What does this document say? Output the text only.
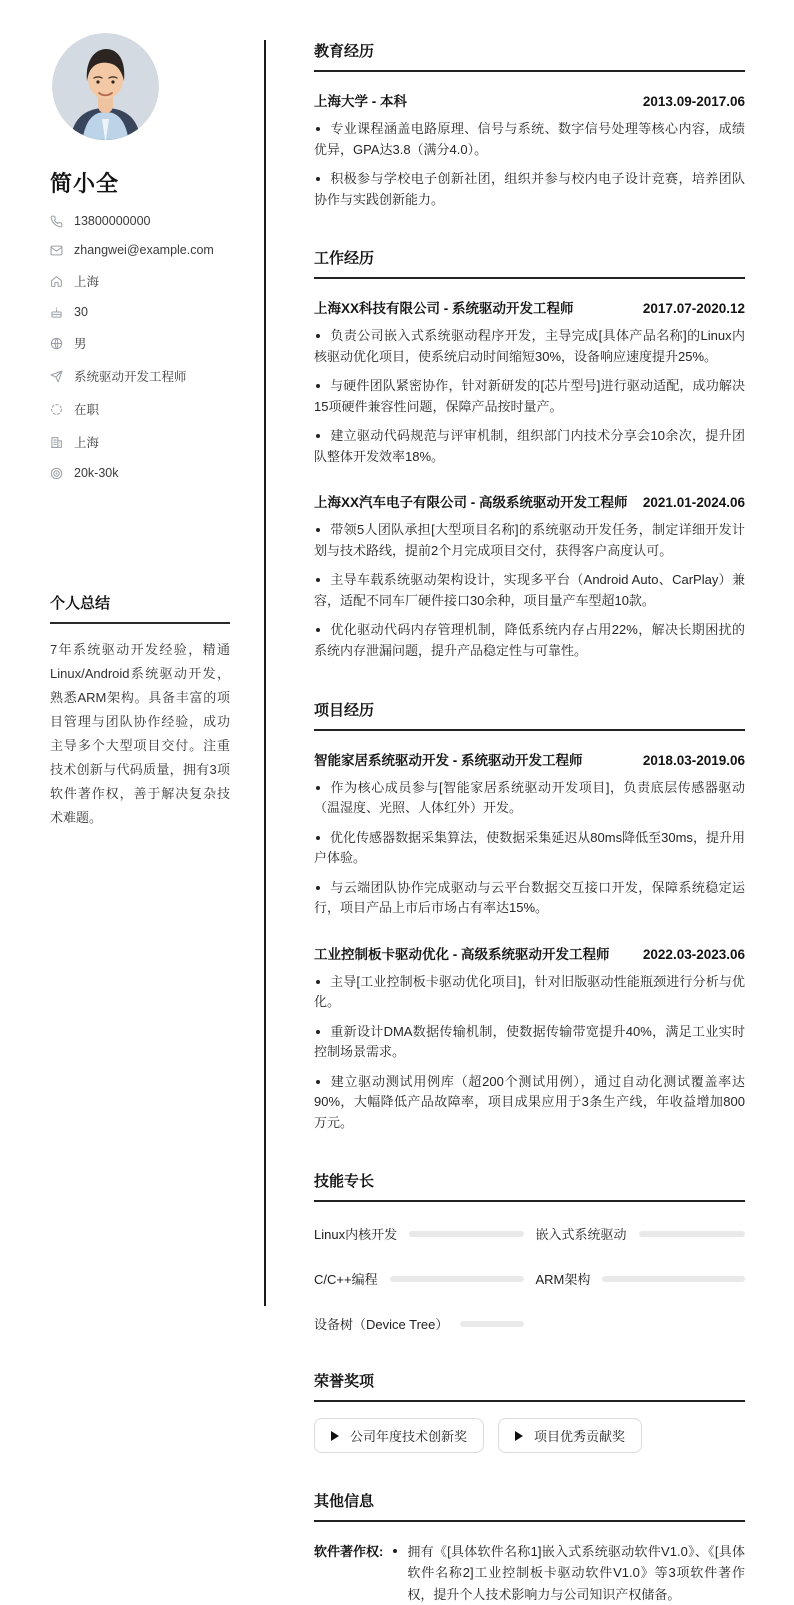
简小全
13800000000
zhangwei@example.com
上海
30
男
系统驱动开发工程师
在职
上海
20k-30k
个人总结

7年系统驱动开发经验，精通Linux/Android系统驱动开发，熟悉ARM架构。具备丰富的项目管理与团队协作经验，成功主导多个大型项目交付。注重技术创新与代码质量，拥有3项软件著作权，善于解决复杂技术难题。

教育经历
上海大学 - 本科	2013.09-2017.06

专业课程涵盖电路原理、信号与系统、数字信号处理等核心内容，成绩优异，GPA达3.8（满分4.0）。

积极参与学校电子创新社团，组织并参与校内电子设计竞赛，培养团队协作与实践创新能力。

工作经历
上海XX科技有限公司 - 系统驱动开发工程师	2017.07-2020.12

负责公司嵌入式系统驱动程序开发，主导完成[具体产品名称]的Linux内核驱动优化项目，使系统启动时间缩短30%，设备响应速度提升25%。

与硬件团队紧密协作，针对新研发的[芯片型号]进行驱动适配，成功解决15项硬件兼容性问题，保障产品按时量产。

建立驱动代码规范与评审机制，组织部门内技术分享会10余次，提升团队整体开发效率18%。

上海XX汽车电子有限公司 - 高级系统驱动开发工程师 2021.01-2024.06

带领5人团队承担[大型项目名称]的系统驱动开发任务，制定详细开发计划与技术路线，提前2个月完成项目交付，获得客户高度认可。

主导车载系统驱动架构设计，实现多平台（Android Auto、CarPlay）兼容，适配不同车厂硬件接口30余种，项目量产车型超10款。

优化驱动代码内存管理机制，降低系统内存占用22%，解决长期困扰的系统内存泄漏问题，提升产品稳定性与可靠性。

项目经历
智能家居系统驱动开发 - 系统驱动开发工程师	2018.03-2019.06

作为核心成员参与[智能家居系统驱动开发项目]，负责底层传感器驱动（温湿度、光照、人体红外）开发。

优化传感器数据采集算法，使数据采集延迟从80ms降低至30ms，提升用户体验。

与云端团队协作完成驱动与云平台数据交互接口开发，保障系统稳定运行，项目产品上市后市场占有率达15%。

工业控制板卡驱动优化 - 高级系统驱动开发工程师 2022.03-2023.06

主导[工业控制板卡驱动优化项目]，针对旧版驱动性能瓶颈进行分析与优化。

重新设计DMA数据传输机制，使数据传输带宽提升40%，满足工业实时控制场景需求。

建立驱动测试用例库（超200个测试用例），通过自动化测试覆盖率达90%，大幅降低产品故障率，项目成果应用于3条生产线，年收益增加800万元。

技能专长
Linux内核开发	嵌入式系统驱动
C/C++编程	ARM架构
设备树（Device Tree）
荣誉奖项
公司年度技术创新奖	项目优秀贡献奖
其他信息
软件著作权: 拥有《[具体软件名称1]嵌入式系统驱动软件V1.0》、《[具体软件名称2]工业控制板卡驱动软件V1.0》等3项软件著作权，提升个人技术影响力与公司知识产权储备。
